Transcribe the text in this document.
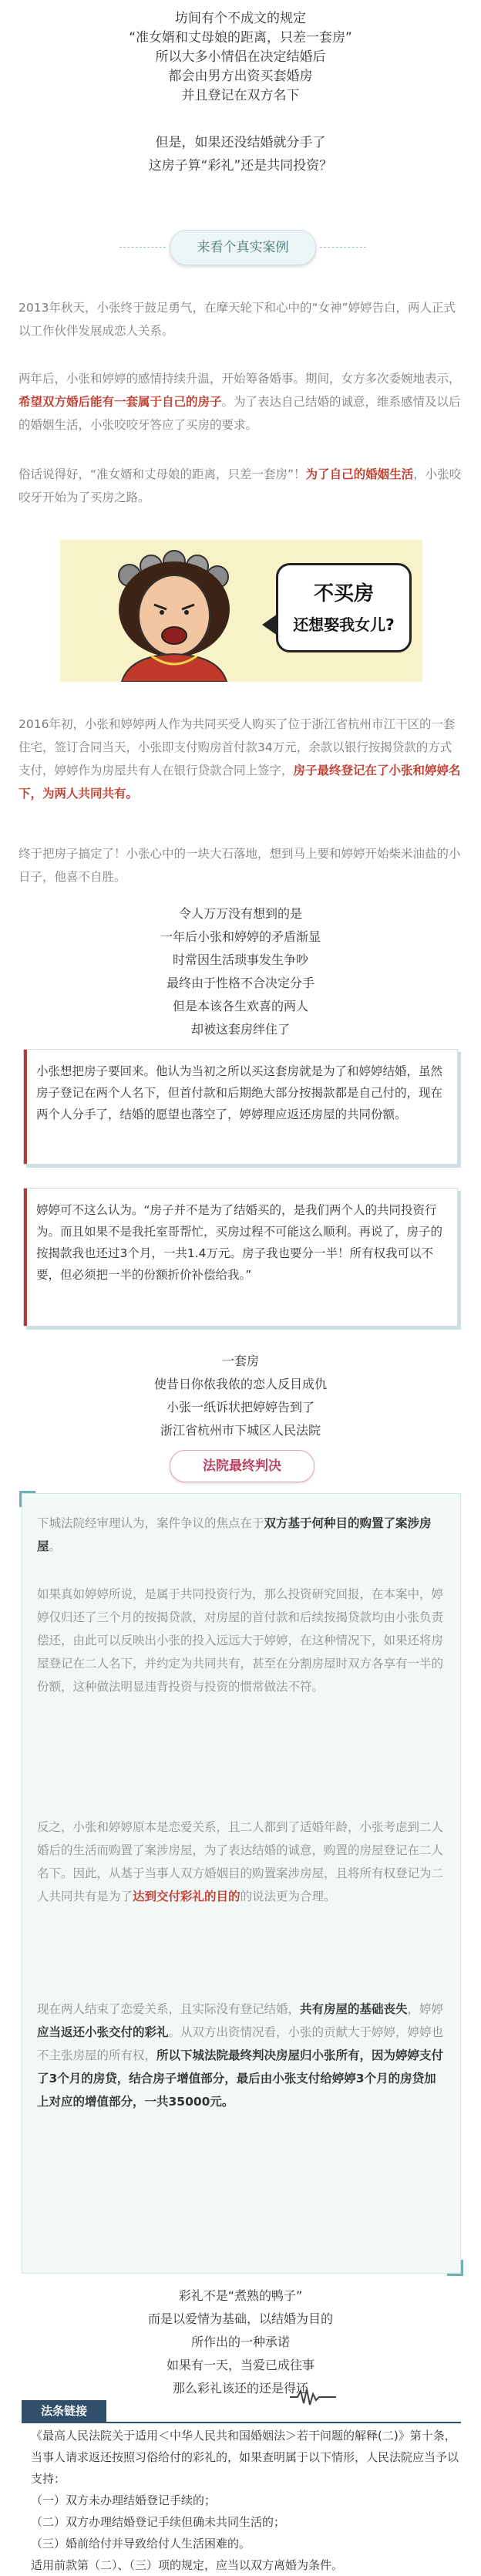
坊间有个不成文的规定
“准女婿和丈母娘的距离，只差一套房”
所以大多小情侣在决定结婚后
都会由男方出资买套婚房
并且登记在双方名下
但是，如果还没结婚就分手了
这房子算“彩礼”还是共同投资？
来看个真实案例

2013年秋天，小张终于鼓足勇气，在摩天轮下和心中的“女神”婷婷告白，两人正式以工作伙伴发展成恋人关系。

两年后，小张和婷婷的感情持续升温，开始筹备婚事。期间，女方多次委婉地表示，希望双方婚后能有一套属于自己的房子。为了表达自己结婚的诚意，维系感情及以后的婚姻生活，小张咬咬牙答应了买房的要求。

俗话说得好，“准女婿和丈母娘的距离，只差一套房”！为了自己的婚姻生活，小张咬咬牙开始为了买房之路。

不买房
还想娶我女儿?

2016年初，小张和婷婷两人作为共同买受人购买了位于浙江省杭州市江干区的一套住宅，签订合同当天，小张即支付购房首付款34万元，余款以银行按揭贷款的方式支付，婷婷作为房屋共有人在银行贷款合同上签字，房子最终登记在了小张和婷婷名下，为两人共同共有。

终于把房子搞定了！小张心中的一块大石落地，想到马上要和婷婷开始柴米油盐的小日子，他喜不自胜。

令人万万没有想到的是
一年后小张和婷婷的矛盾渐显
时常因生活琐事发生争吵
最终由于性格不合决定分手
但是本该各生欢喜的两人
却被这套房绊住了
小张想把房子要回来。他认为当初之所以买这套房就是为了和婷婷结婚，虽然房子登记在两个人名下，但首付款和后期绝大部分按揭款都是自己付的，现在两个人分手了，结婚的愿望也落空了，婷婷理应返还房屋的共同份额。
婷婷可不这么认为。“房子并不是为了结婚买的，是我们两个人的共同投资行为。而且如果不是我托室哥帮忙，买房过程不可能这么顺利。再说了，房子的按揭款我也还过3个月，一共1.4万元。房子我也要分一半！所有权我可以不要，但必须把一半的份额折价补偿给我。”
一套房
使昔日你侬我侬的恋人反目成仇
小张一纸诉状把婷婷告到了
浙江省杭州市下城区人民法院
法院最终判决

下城法院经审理认为，案件争议的焦点在于双方基于何种目的购置了案涉房屋。

如果真如婷婷所说，是属于共同投资行为，那么投资研究回报，在本案中，婷婷仅归还了三个月的按揭贷款，对房屋的首付款和后续按揭贷款均由小张负责偿还，由此可以反映出小张的投入远远大于婷婷，在这种情况下，如果还将房屋登记在二人名下，并约定为共同共有，甚至在分割房屋时双方各享有一半的份额，这种做法明显违背投资与投资的惯常做法不符。

反之，小张和婷婷原本是恋爱关系，且二人都到了适婚年龄，小张考虑到二人婚后的生活而购置了案涉房屋，为了表达结婚的诚意，购置的房屋登记在二人名下。因此，从基于当事人双方婚姻目的购置案涉房屋，且将所有权登记为二人共同共有是为了达到交付彩礼的目的的说法更为合理。

现在两人结束了恋爱关系，且实际没有登记结婚，共有房屋的基础丧失，婷婷应当返还小张交付的彩礼。从双方出资情况看，小张的贡献大于婷婷，婷婷也不主张房屋的所有权，所以下城法院最终判决房屋归小张所有，因为婷婷支付了3个月的房贷，结合房子增值部分，最后由小张支付给婷婷3个月的房贷加上对应的增值部分，一共35000元。

彩礼不是“煮熟的鸭子”
而是以爱情为基础，以结婚为目的
所作出的一种承诺
如果有一天，当爱已成往事
那么彩礼该还的还是得还
法条链接

《最高人民法院关于适用＜中华人民共和国婚姻法＞若干问题的解释(二)》第十条，

当事人请求返还按照习俗给付的彩礼的，如果查明属于以下情形，人民法院应当予以支持：

（一）双方未办理结婚登记手续的；

（二）双方办理结婚登记手续但确未共同生活的；

（三）婚前给付并导致给付人生活困难的。

适用前款第（二）、（三）项的规定，应当以双方离婚为条件。
